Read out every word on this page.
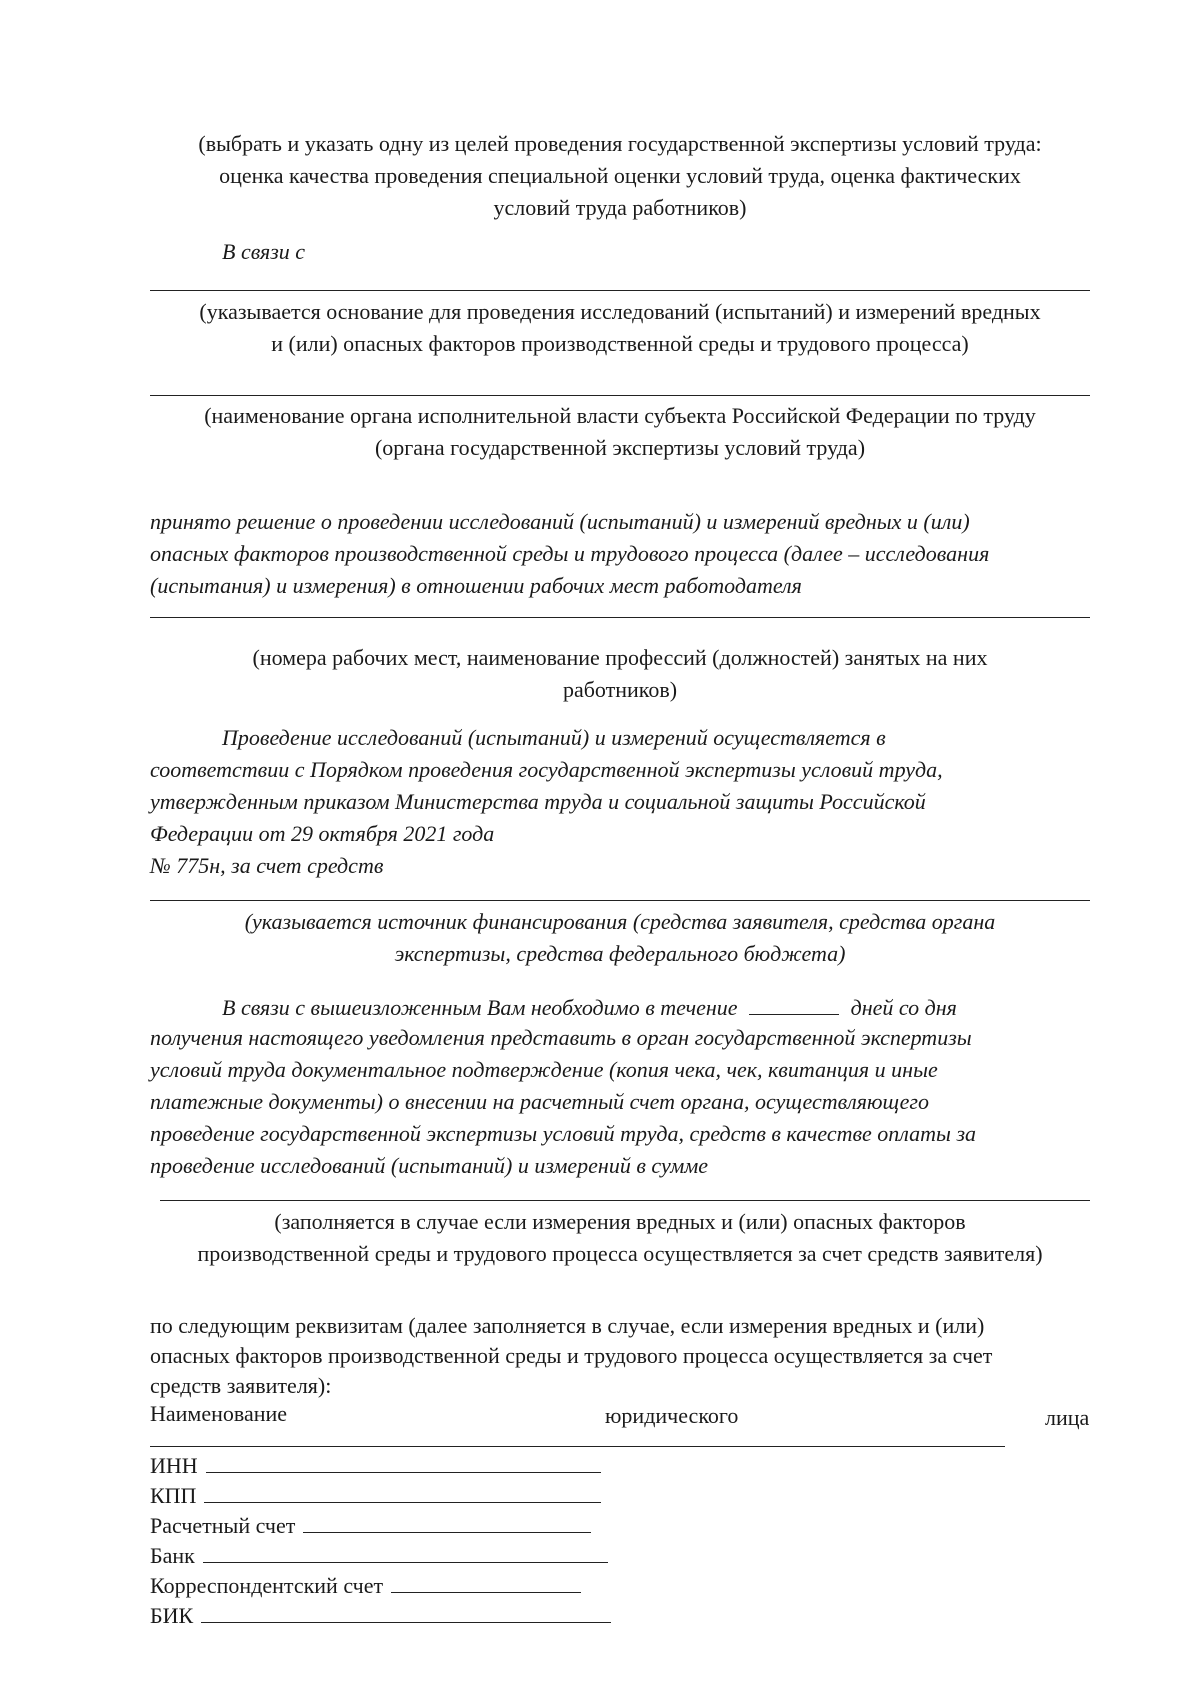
(выбрать и указать одну из целей проведения государственной экспертизы условий труда:
оценка качества проведения специальной оценки условий труда, оценка фактических
условий труда работников)
В связи с
(указывается основание для проведения исследований (испытаний) и измерений вредных
и (или) опасных факторов производственной среды и трудового процесса)
(наименование органа исполнительной власти субъекта Российской Федерации по труду
(органа государственной экспертизы условий труда)
принято решение о проведении исследований (испытаний) и измерений вредных и (или)
опасных факторов производственной среды и трудового процесса (далее – исследования
(испытания) и измерения) в отношении рабочих мест работодателя
(номера рабочих мест, наименование профессий (должностей) занятых на них
работников)
Проведение исследований (испытаний) и измерений осуществляется в
соответствии с Порядком проведения государственной экспертизы условий труда,
утвержденным приказом Министерства труда и социальной защиты Российской
Федерации от 29 октября 2021 года
№ 775н, за счет средств
(указывается источник финансирования (средства заявителя, средства органа
экспертизы, средства федерального бюджета)
В связи с вышеизложенным Вам необходимо в течение	дней со дня
получения настоящего уведомления представить в орган государственной экспертизы
условий труда документальное подтверждение (копия чека, чек, квитанция и иные
платежные документы) о внесении на расчетный счет органа, осуществляющего
проведение государственной экспертизы условий труда, средств в качестве оплаты за
проведение исследований (испытаний) и измерений в сумме
(заполняется в случае если измерения вредных и (или) опасных факторов
производственной среды и трудового процесса осуществляется за счет средств заявителя)
по следующим реквизитам (далее заполняется в случае, если измерения вредных и (или)
опасных факторов производственной среды и трудового процесса осуществляется за счет
средств заявителя):
Наименование	юридического	лица
ИНН
КПП
Расчетный счет
Банк
Корреспондентский счет
БИК
